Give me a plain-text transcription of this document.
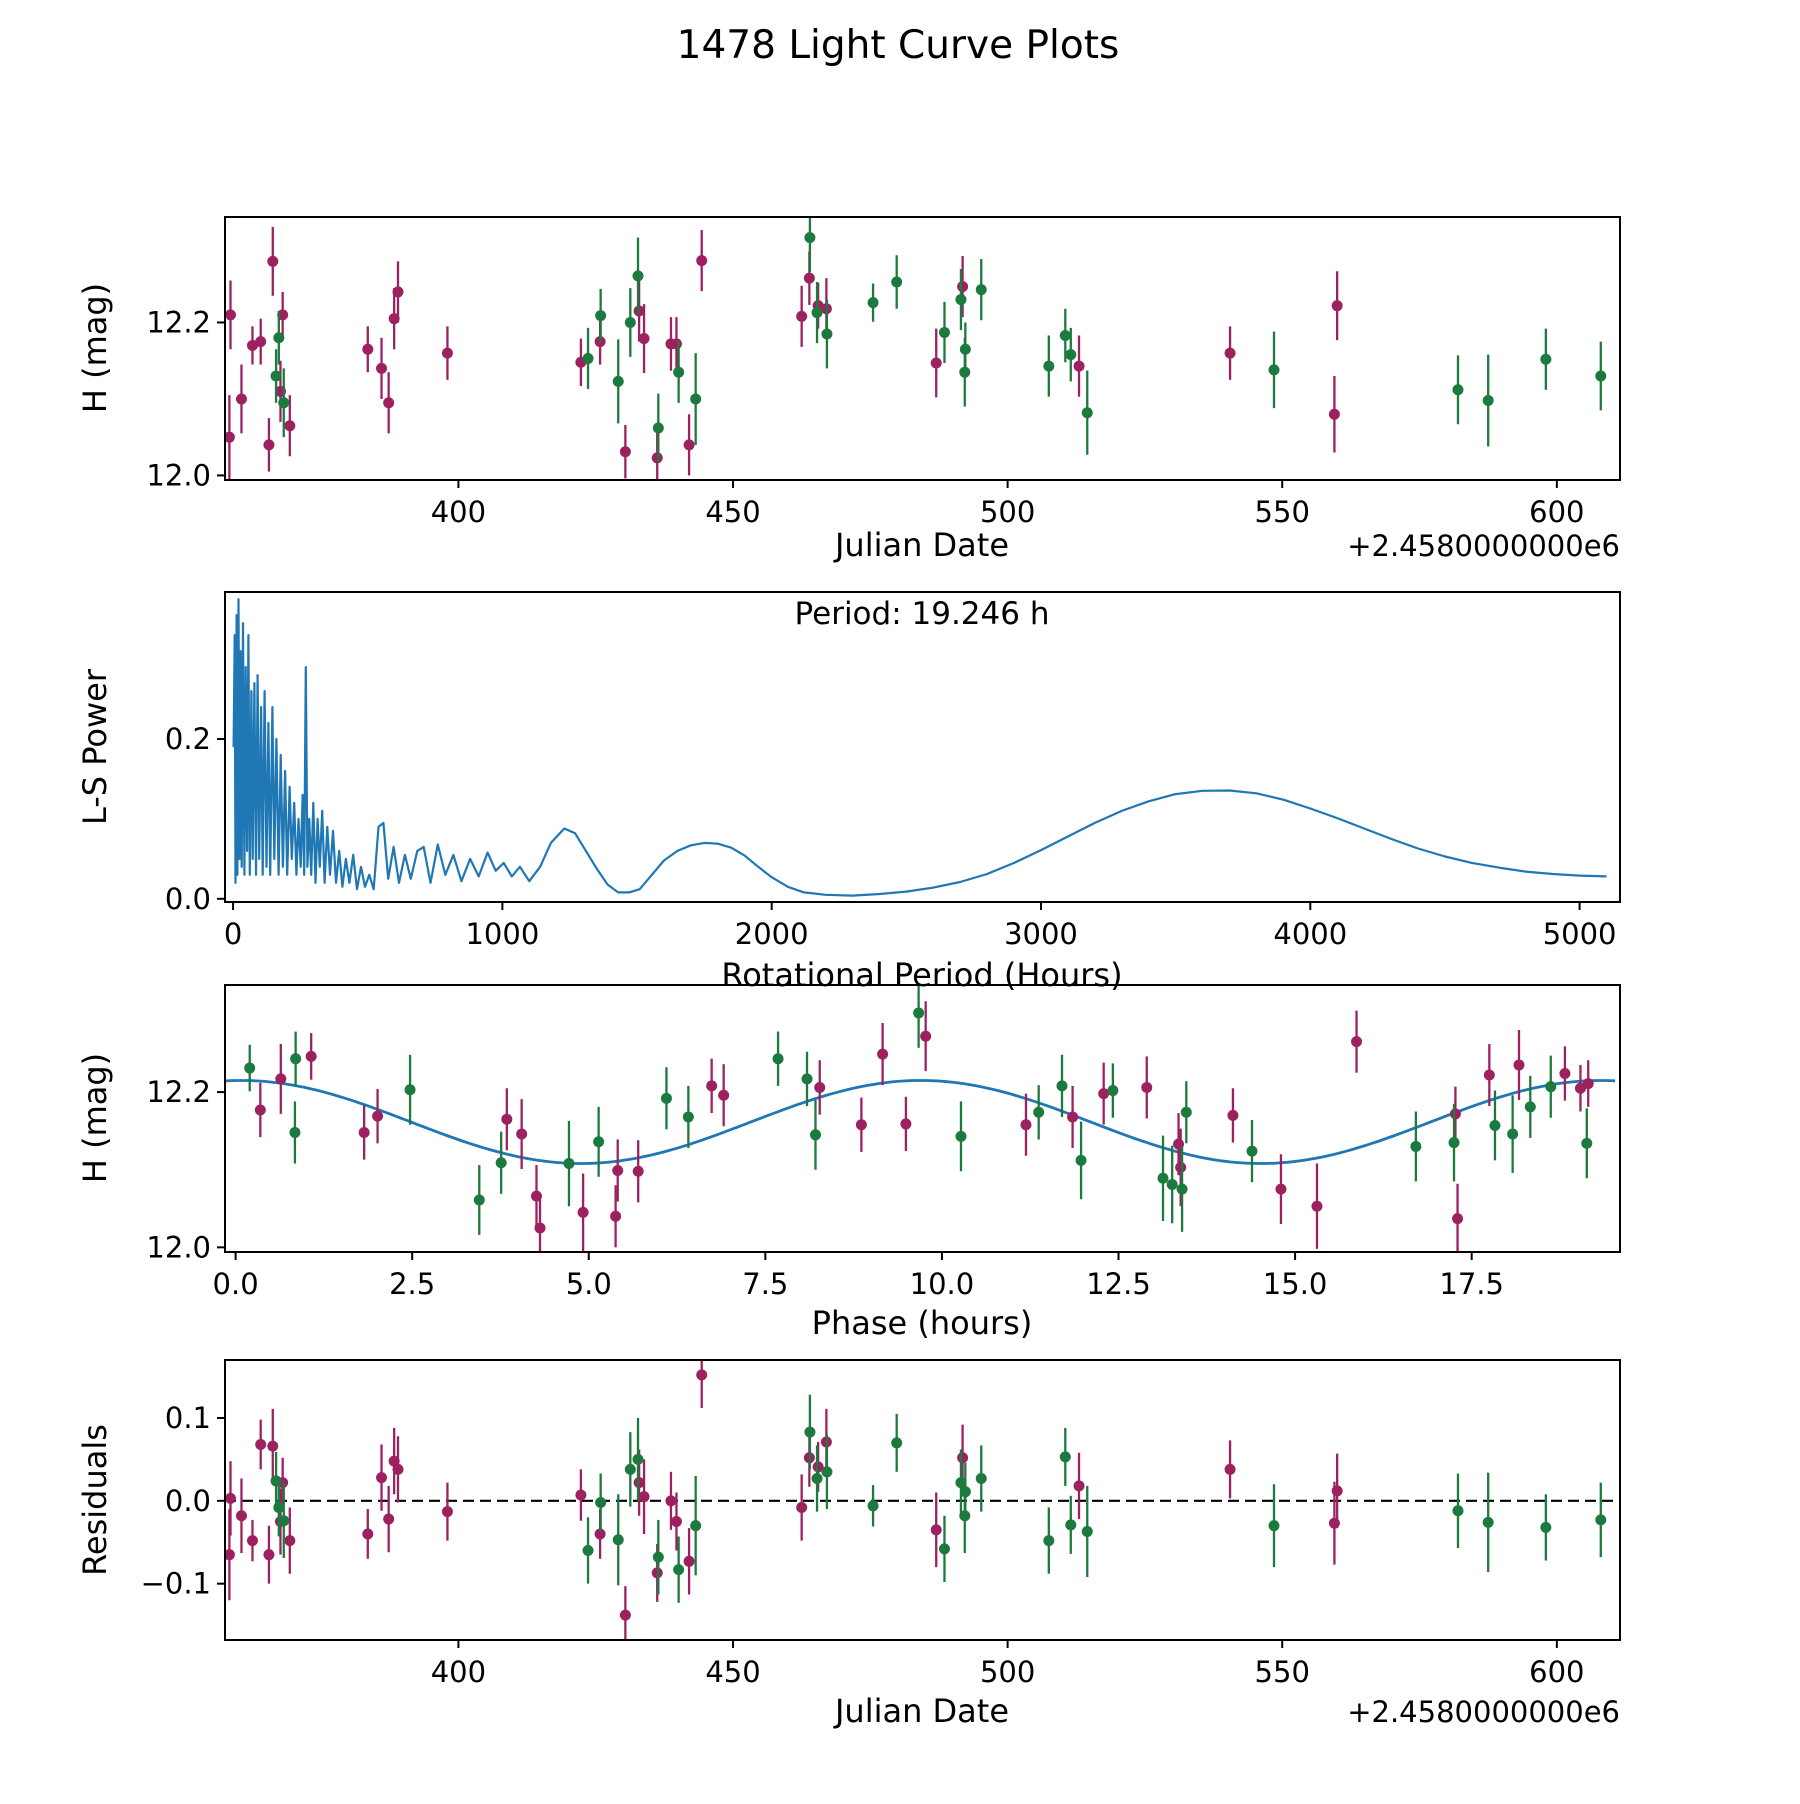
1478 Light Curve Plots
400	450	500	550	600
12.0
12.2
Julian Date	+2.4580000000e6
H (mag)
0	1000	2000	3000	4000	5000
0.0
0.2
Period: 19.246 h
Rotational Period (Hours)
L-S Power
0.0	2.5	5.0	7.5	10.0	12.5	15.0	17.5
12.0
12.2
Phase (hours)
H (mag)
400	450	500	550	600
−0.1
0.0
0.1
Julian Date	+2.4580000000e6
Residuals
